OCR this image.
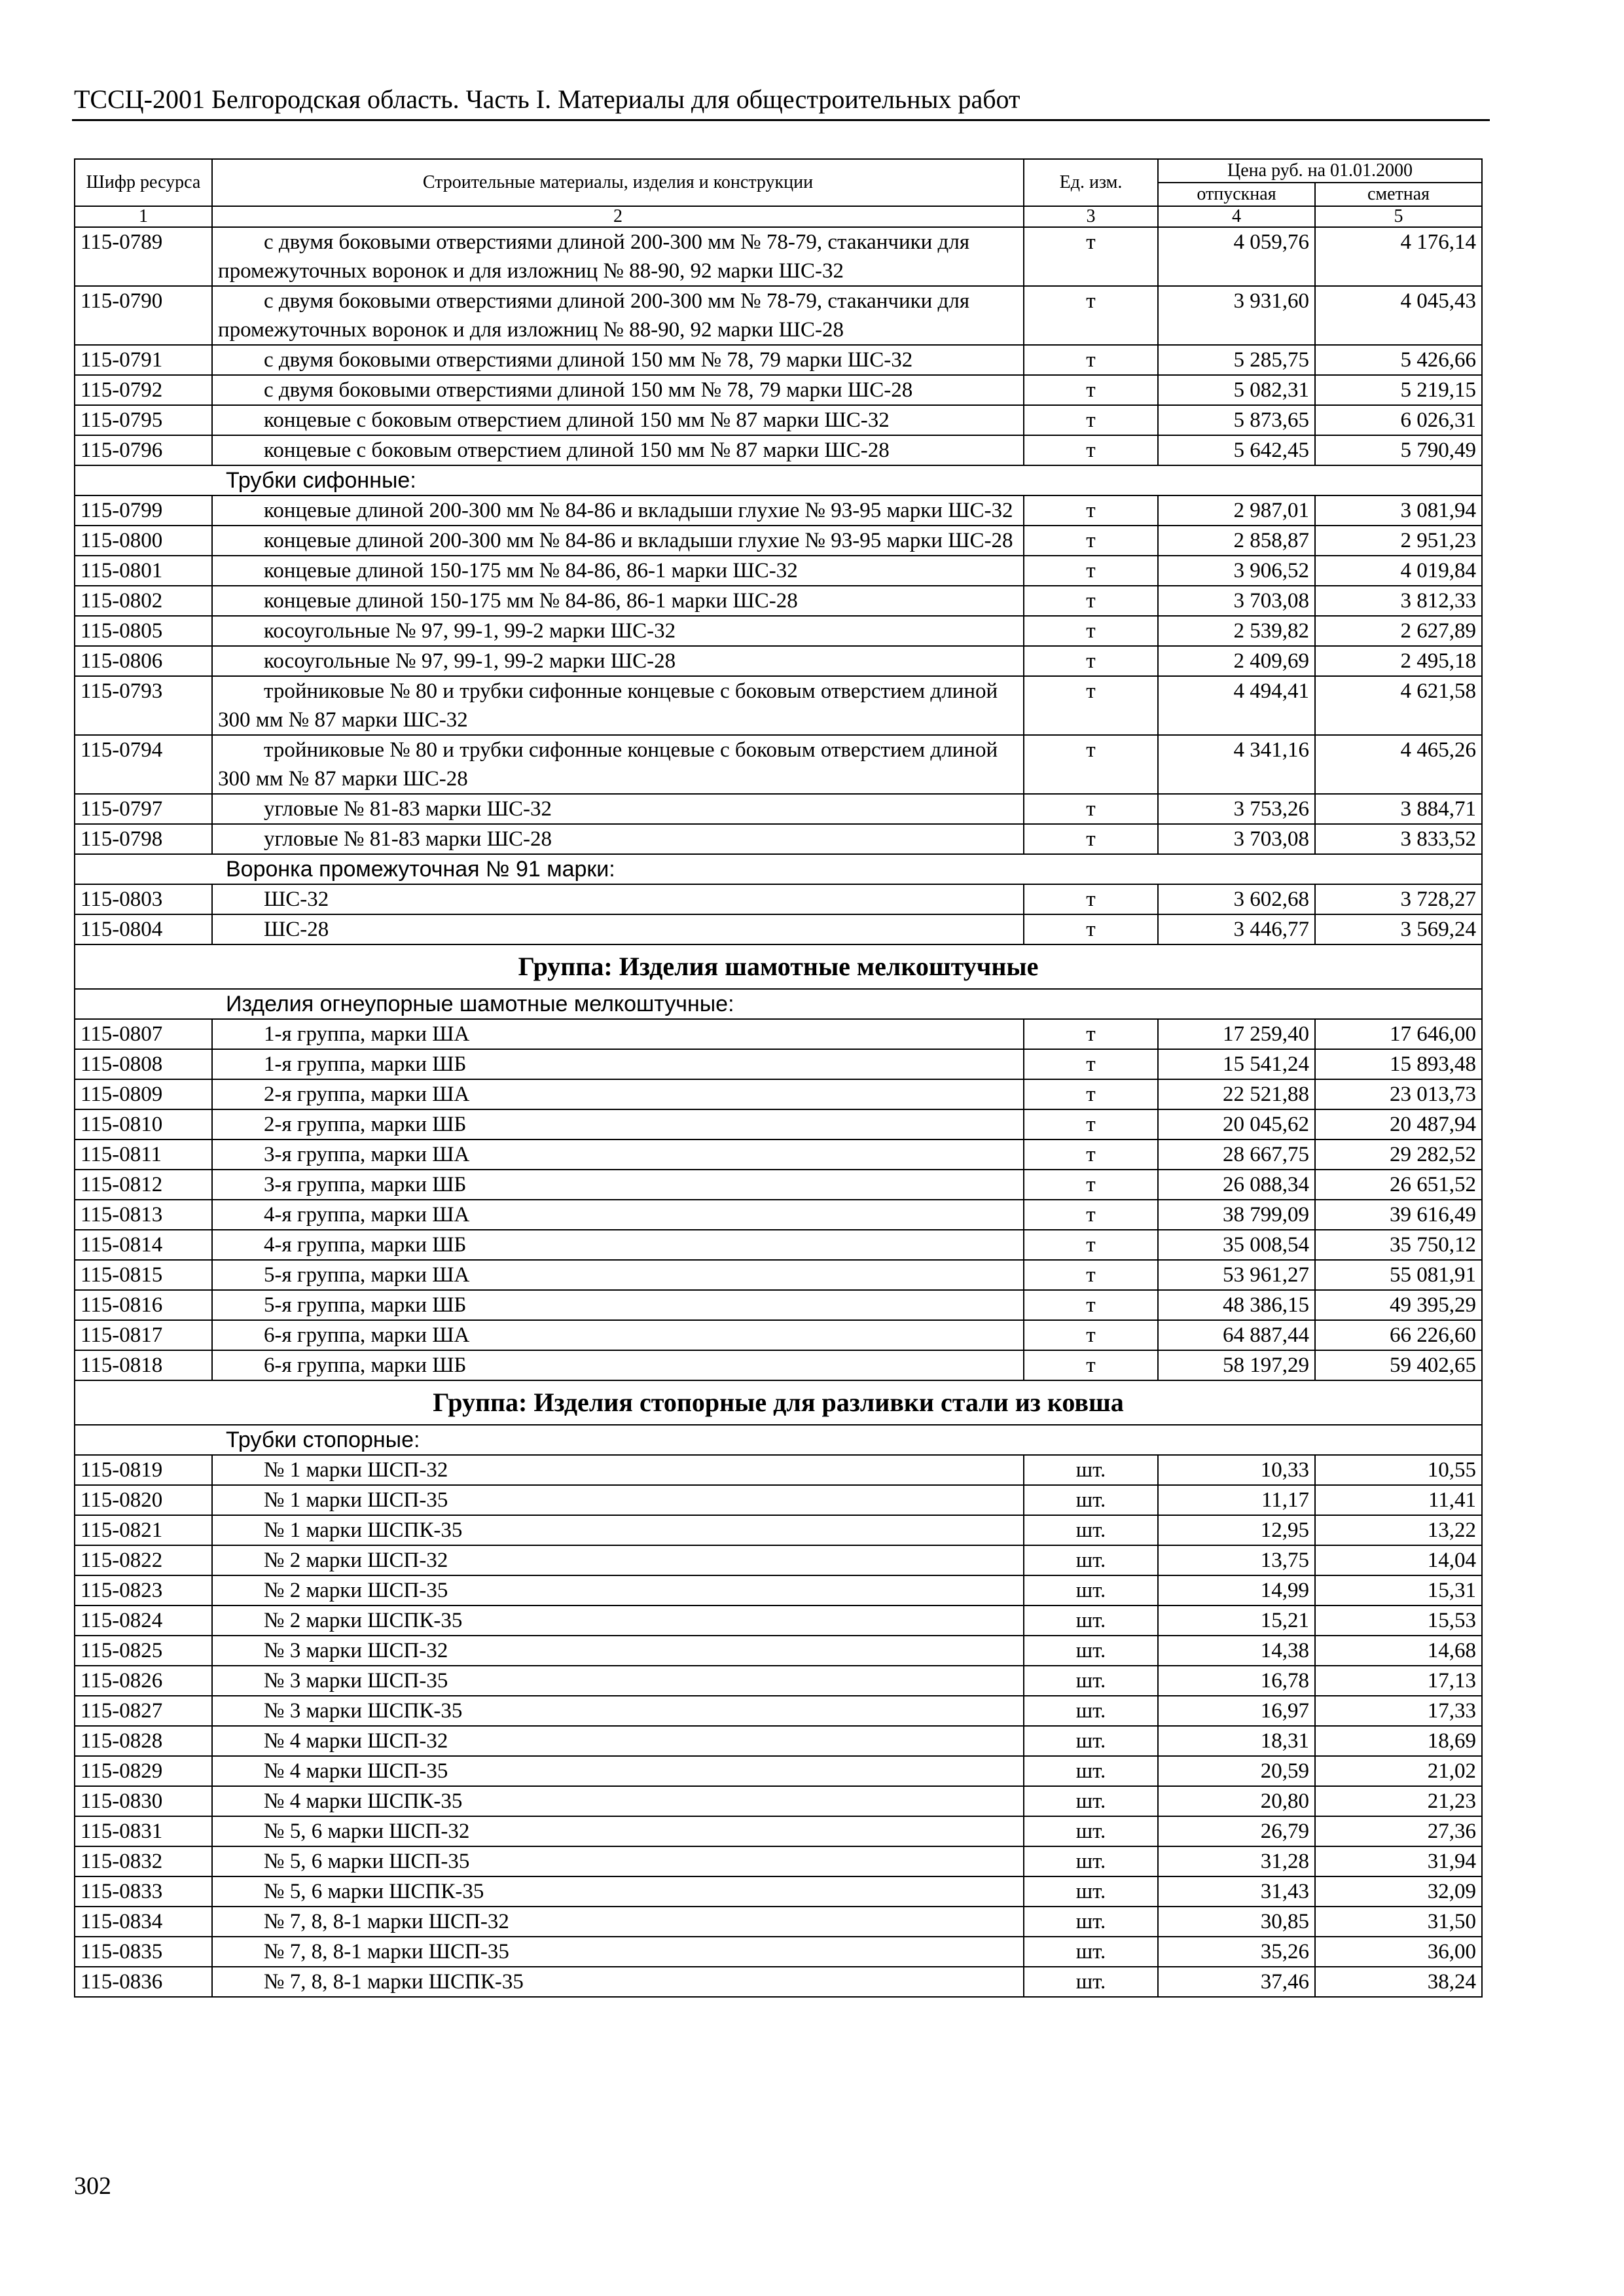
ТССЦ-2001 Белгородская область. Часть I. Материалы для общестроительных работ
Шифр ресурса	Строительные материалы, изделия и конструкции	Ед. изм.	Цена руб. на 01.01.2000	
			отпускная	сметная
1	2	3	4	5
115-0789	с двумя боковыми отверстиями длиной 200-300 мм № 78-79, стаканчики для промежуточных воронок и для изложниц № 88-90, 92 марки ШС-32	т	4 059,76	4 176,14
115-0790	с двумя боковыми отверстиями длиной 200-300 мм № 78-79, стаканчики для промежуточных воронок и для изложниц № 88-90, 92 марки ШС-28	т	3 931,60	4 045,43
115-0791	с двумя боковыми отверстиями длиной 150 мм № 78, 79 марки ШС-32	т	5 285,75	5 426,66
115-0792	с двумя боковыми отверстиями длиной 150 мм № 78, 79 марки ШС-28	т	5 082,31	5 219,15
115-0795	концевые с боковым отверстием длиной 150 мм № 87 марки ШС-32	т	5 873,65	6 026,31
115-0796	концевые с боковым отверстием длиной 150 мм № 87 марки ШС-28	т	5 642,45	5 790,49
Трубки сифонные:				
115-0799	концевые длиной 200-300 мм № 84-86 и вкладыши глухие № 93-95 марки ШС-32	т	2 987,01	3 081,94
115-0800	концевые длиной 200-300 мм № 84-86 и вкладыши глухие № 93-95 марки ШС-28	т	2 858,87	2 951,23
115-0801	концевые длиной 150-175 мм № 84-86, 86-1 марки ШС-32	т	3 906,52	4 019,84
115-0802	концевые длиной 150-175 мм № 84-86, 86-1 марки ШС-28	т	3 703,08	3 812,33
115-0805	косоугольные № 97, 99-1, 99-2 марки ШС-32	т	2 539,82	2 627,89
115-0806	косоугольные № 97, 99-1, 99-2 марки ШС-28	т	2 409,69	2 495,18
115-0793	тройниковые № 80 и трубки сифонные концевые с боковым отверстием длиной 300 мм № 87 марки ШС-32	т	4 494,41	4 621,58
115-0794	тройниковые № 80 и трубки сифонные концевые с боковым отверстием длиной 300 мм № 87 марки ШС-28	т	4 341,16	4 465,26
115-0797	угловые № 81-83 марки ШС-32	т	3 753,26	3 884,71
115-0798	угловые № 81-83 марки ШС-28	т	3 703,08	3 833,52
Воронка промежуточная № 91 марки:				
115-0803	ШС-32	т	3 602,68	3 728,27
115-0804	ШС-28	т	3 446,77	3 569,24
Группа: Изделия шамотные мелкоштучные				
Изделия огнеупорные шамотные мелкоштучные:				
115-0807	1-я группа, марки ША	т	17 259,40	17 646,00
115-0808	1-я группа, марки ШБ	т	15 541,24	15 893,48
115-0809	2-я группа, марки ША	т	22 521,88	23 013,73
115-0810	2-я группа, марки ШБ	т	20 045,62	20 487,94
115-0811	3-я группа, марки ША	т	28 667,75	29 282,52
115-0812	3-я группа, марки ШБ	т	26 088,34	26 651,52
115-0813	4-я группа, марки ША	т	38 799,09	39 616,49
115-0814	4-я группа, марки ШБ	т	35 008,54	35 750,12
115-0815	5-я группа, марки ША	т	53 961,27	55 081,91
115-0816	5-я группа, марки ШБ	т	48 386,15	49 395,29
115-0817	6-я группа, марки ША	т	64 887,44	66 226,60
115-0818	6-я группа, марки ШБ	т	58 197,29	59 402,65
Группа: Изделия стопорные для разливки стали из ковша				
Трубки стопорные:				
115-0819	№ 1 марки ШСП-32	шт.	10,33	10,55
115-0820	№ 1 марки ШСП-35	шт.	11,17	11,41
115-0821	№ 1 марки ШСПК-35	шт.	12,95	13,22
115-0822	№ 2 марки ШСП-32	шт.	13,75	14,04
115-0823	№ 2 марки ШСП-35	шт.	14,99	15,31
115-0824	№ 2 марки ШСПК-35	шт.	15,21	15,53
115-0825	№ 3 марки ШСП-32	шт.	14,38	14,68
115-0826	№ 3 марки ШСП-35	шт.	16,78	17,13
115-0827	№ 3 марки ШСПК-35	шт.	16,97	17,33
115-0828	№ 4 марки ШСП-32	шт.	18,31	18,69
115-0829	№ 4 марки ШСП-35	шт.	20,59	21,02
115-0830	№ 4 марки ШСПК-35	шт.	20,80	21,23
115-0831	№ 5, 6 марки ШСП-32	шт.	26,79	27,36
115-0832	№ 5, 6 марки ШСП-35	шт.	31,28	31,94
115-0833	№ 5, 6 марки ШСПК-35	шт.	31,43	32,09
115-0834	№ 7, 8, 8-1 марки ШСП-32	шт.	30,85	31,50
115-0835	№ 7, 8, 8-1 марки ШСП-35	шт.	35,26	36,00
115-0836	№ 7, 8, 8-1 марки ШСПК-35	шт.	37,46	38,24
302
